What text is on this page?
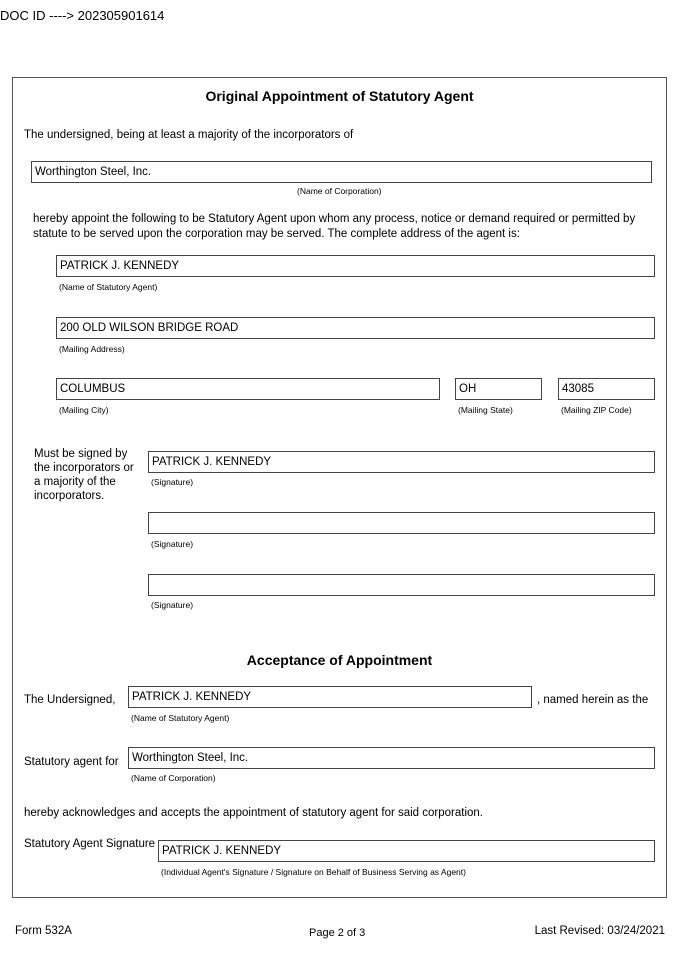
DOC ID ----> 202305901614
Original Appointment of Statutory Agent
The undersigned, being at least a majority of the incorporators of
Worthington Steel, Inc.
(Name of Corporation)
hereby appoint the following to be Statutory Agent upon whom any process, notice or demand required or permitted by statute to be served upon the corporation may be served. The complete address of the agent is:
PATRICK J. KENNEDY
(Name of Statutory Agent)
200 OLD WILSON BRIDGE ROAD
(Mailing Address)
COLUMBUS
(Mailing City)
OH
(Mailing State)
43085
(Mailing ZIP Code)
Must be signed by the incorporators or a majority of the incorporators.
PATRICK J. KENNEDY
(Signature)
(Signature)
(Signature)
Acceptance of Appointment
The Undersigned,	PATRICK J. KENNEDY	, named herein as the
(Name of Statutory Agent)
Statutory agent for	Worthington Steel, Inc.
(Name of Corporation)
hereby acknowledges and accepts the appointment of statutory agent for said corporation.
Statutory Agent Signature
PATRICK J. KENNEDY
(Individual Agent's Signature / Signature on Behalf of Business Serving as Agent)
Form 532A	Page 2 of 3	Last Revised: 03/24/2021
